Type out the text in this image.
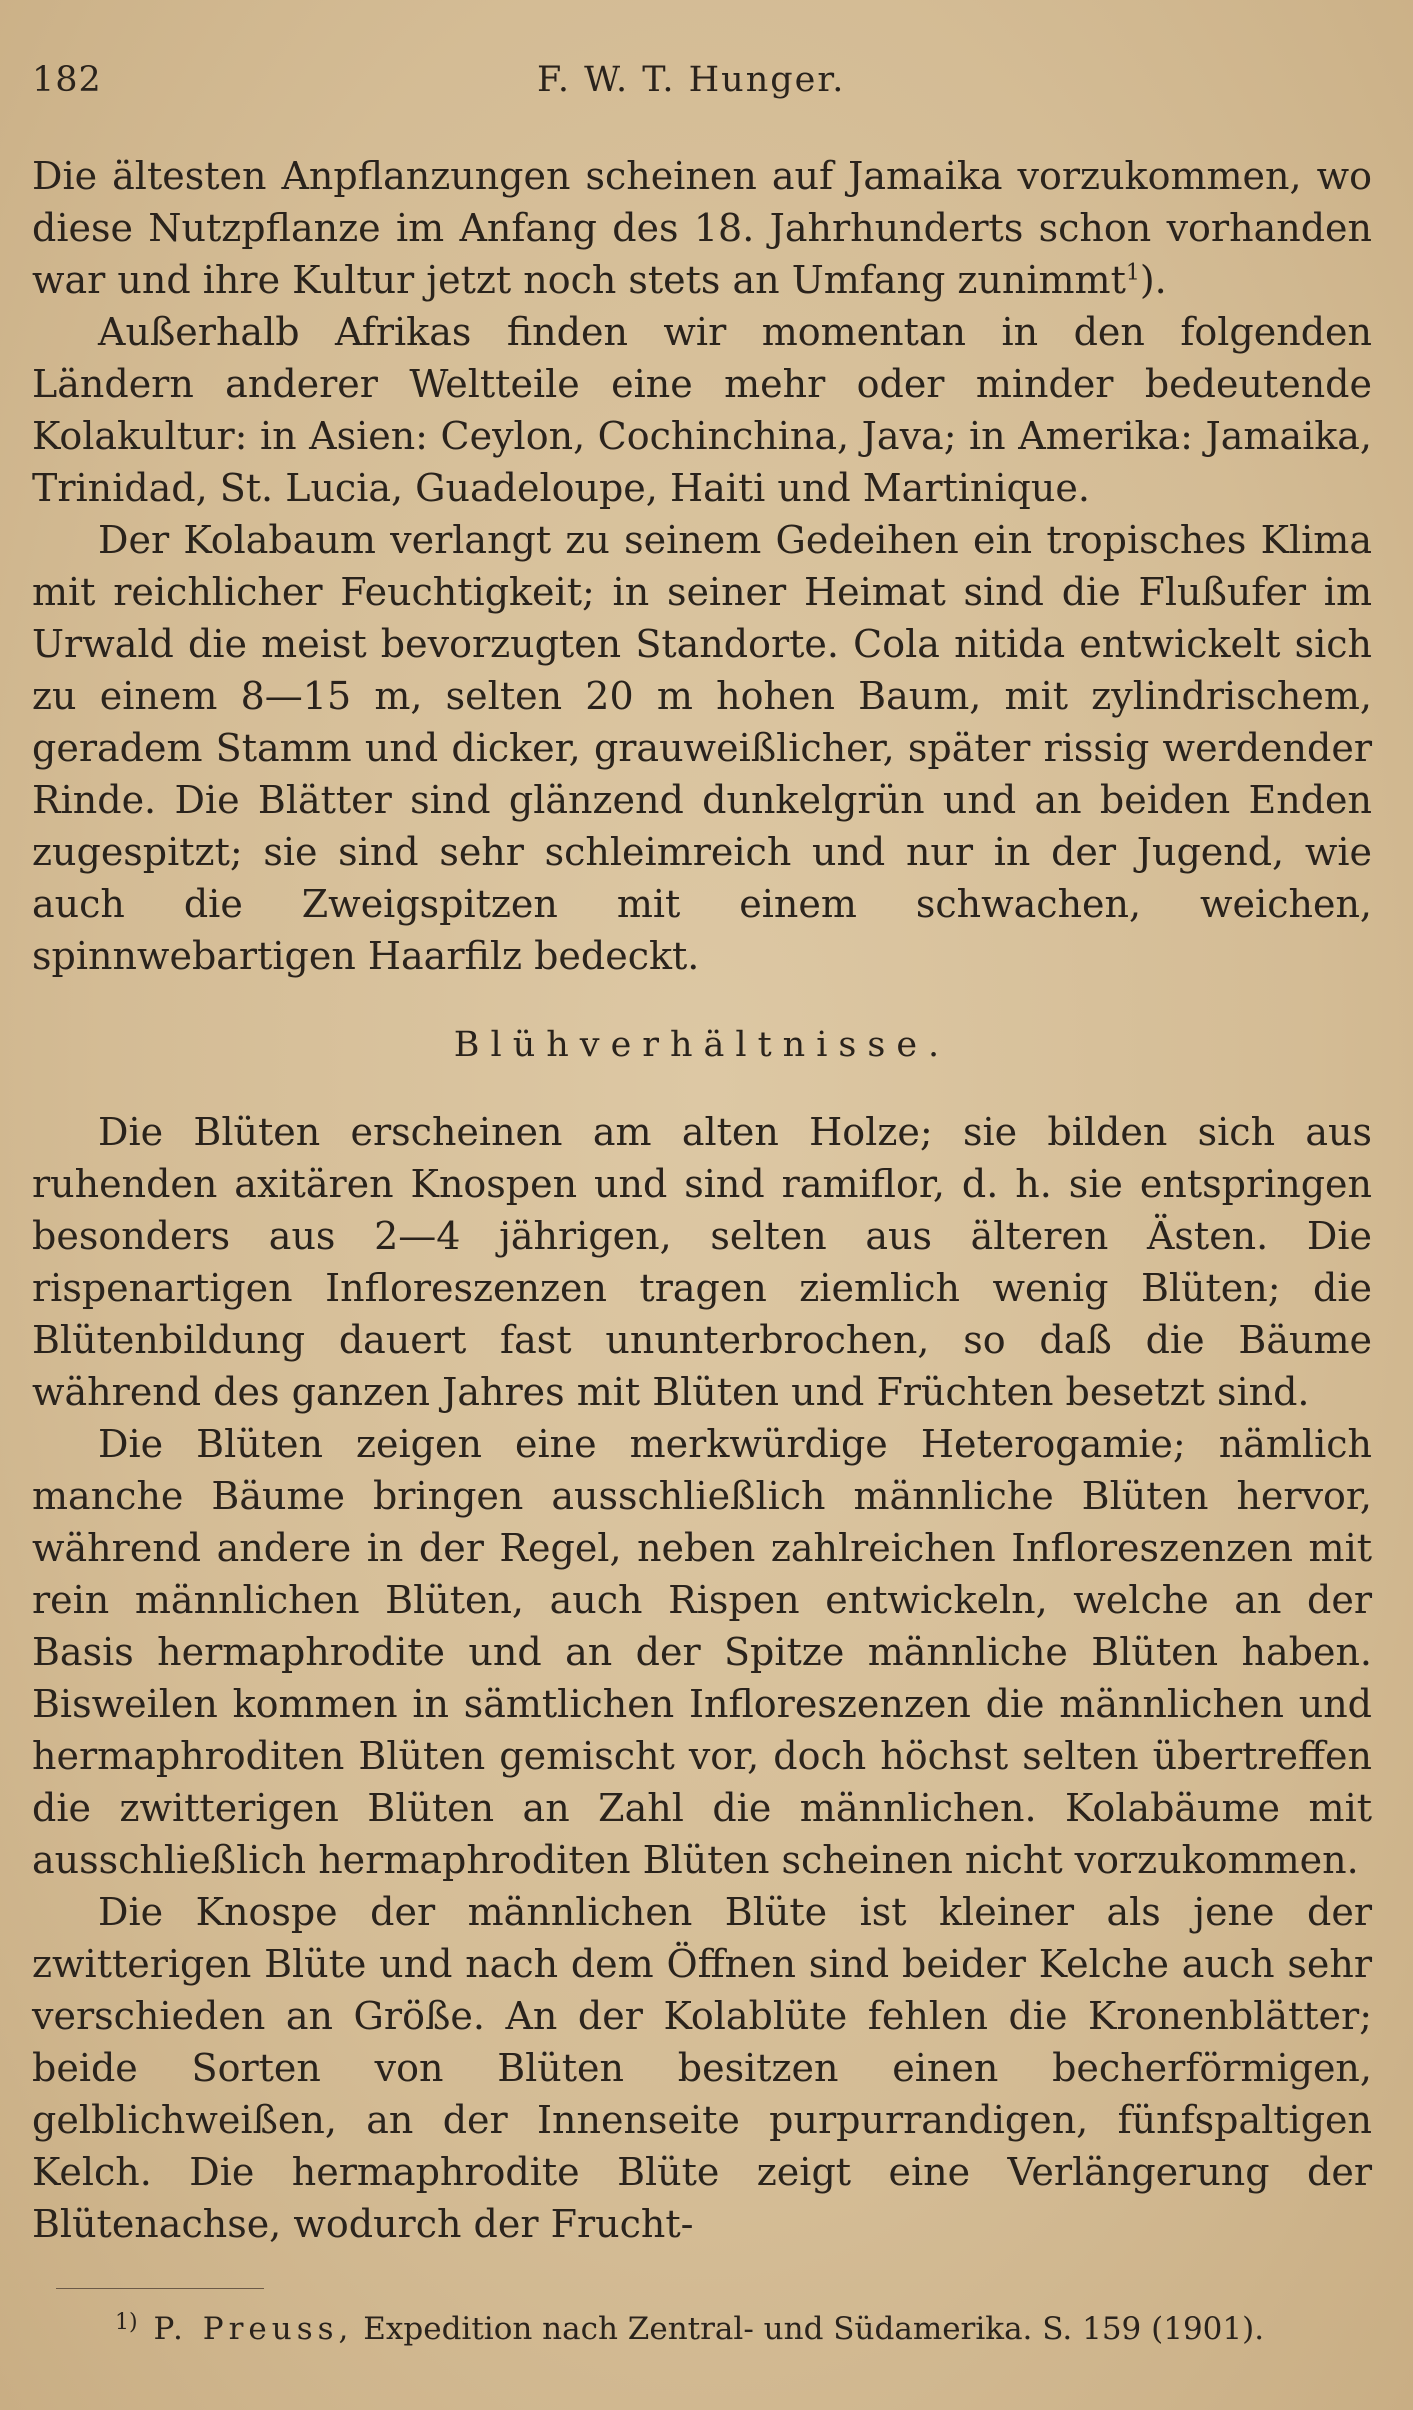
182	F. W. T. Hunger.

Die ältesten Anpflanzungen scheinen auf Jamaika vorzukommen, wo diese Nutzpflanze im Anfang des 18. Jahrhunderts schon vorhanden war und ihre Kultur jetzt noch stets an Umfang zunimmt$^1$).

Außerhalb Afrikas finden wir momentan in den folgenden Ländern anderer Weltteile eine mehr oder minder bedeutende Kolakultur: in Asien: Ceylon, Cochinchina, Java; in Amerika: Jamaika, Trinidad, St. Lucia, Guadeloupe, Haiti und Martinique.

Der Kolabaum verlangt zu seinem Gedeihen ein tropisches Klima mit reichlicher Feuchtigkeit; in seiner Heimat sind die Flußufer im Urwald die meist bevorzugten Standorte. Cola nitida entwickelt sich zu einem 8—15 m, selten 20 m hohen Baum, mit zylindrischem, geradem Stamm und dicker, grauweißlicher, später rissig werdender Rinde. Die Blätter sind glänzend dunkelgrün und an beiden Enden zugespitzt; sie sind sehr schleimreich und nur in der Jugend, wie auch die Zweigspitzen mit einem schwachen, weichen, spinnwebartigen Haarfilz bedeckt.

Blühverhältnisse.

Die Blüten erscheinen am alten Holze; sie bilden sich aus ruhenden axitären Knospen und sind ramiflor, d. h. sie entspringen besonders aus 2—4 jährigen, selten aus älteren Ästen. Die rispenartigen Infloreszenzen tragen ziemlich wenig Blüten; die Blütenbildung dauert fast ununterbrochen, so daß die Bäume während des ganzen Jahres mit Blüten und Früchten besetzt sind.

Die Blüten zeigen eine merkwürdige Heterogamie; nämlich manche Bäume bringen ausschließlich männliche Blüten hervor, während andere in der Regel, neben zahlreichen Infloreszenzen mit rein männlichen Blüten, auch Rispen entwickeln, welche an der Basis hermaphrodite und an der Spitze männliche Blüten haben. Bisweilen kommen in sämtlichen Infloreszenzen die männlichen und hermaphroditen Blüten gemischt vor, doch höchst selten übertreffen die zwitterigen Blüten an Zahl die männlichen. Kolabäume mit ausschließlich hermaphroditen Blüten scheinen nicht vorzukommen.

Die Knospe der männlichen Blüte ist kleiner als jene der zwitterigen Blüte und nach dem Öffnen sind beider Kelche auch sehr verschieden an Größe. An der Kolablüte fehlen die Kronenblätter; beide Sorten von Blüten besitzen einen becherförmigen, gelblichweißen, an der Innenseite purpurrandigen, fünfspaltigen Kelch. Die hermaphrodite Blüte zeigt eine Verlängerung der Blütenachse, wodurch der Frucht-

$^{1)}$ P. Preuss, Expedition nach Zentral- und Südamerika. S. 159 (1901).
